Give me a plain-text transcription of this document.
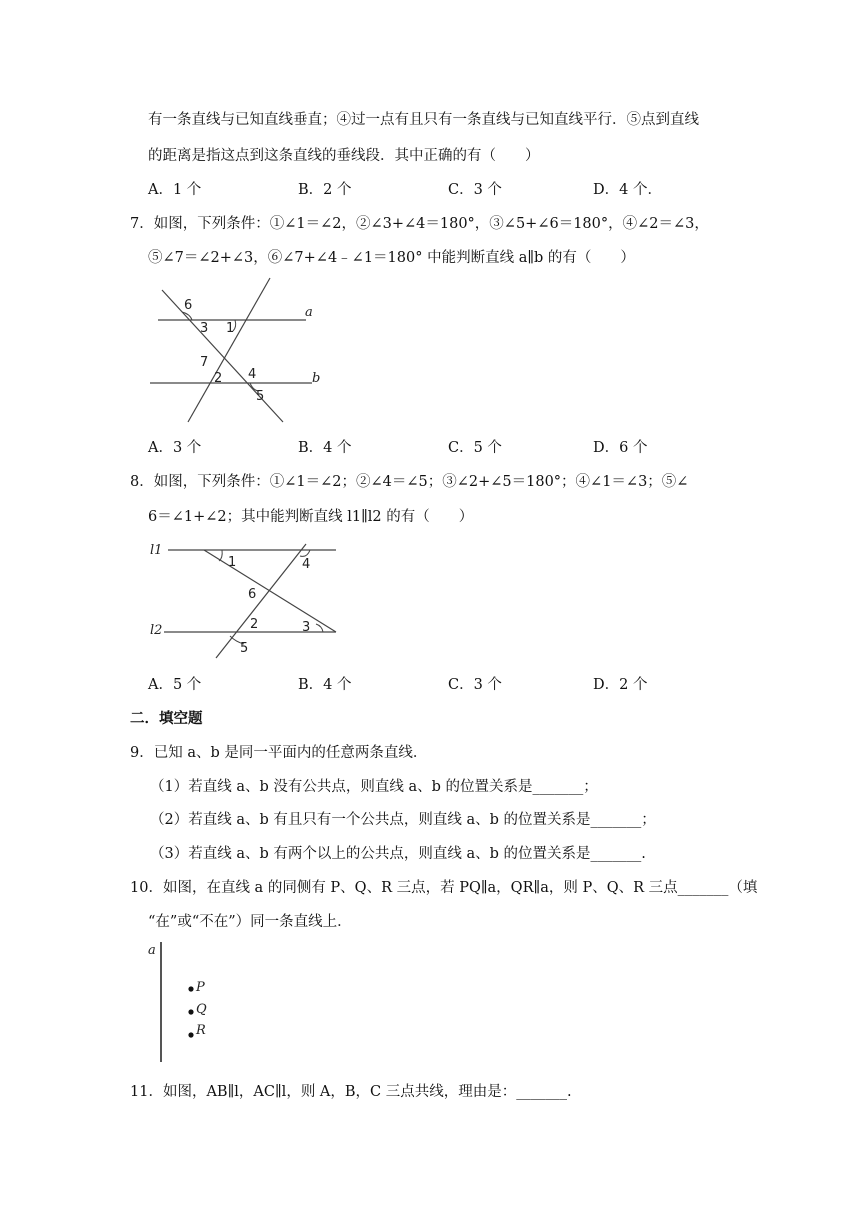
有一条直线与已知直线垂直；④过一点有且只有一条直线与已知直线平行．⑤点到直线
的距离是指这点到这条直线的垂线段．其中正确的有（　　）
A．1 个	B．2 个	C．3 个	D．4 个．
7．如图，下列条件：①∠1＝∠2，②∠3+∠4＝180°，③∠5+∠6＝180°，④∠2＝∠3，
⑤∠7＝∠2+∠3，⑥∠7+∠4﹣∠1＝180° 中能判断直线 a∥b 的有（　　）
6
3 1
a
7
2 4	b
5
A．3 个	B．4 个	C．5 个	D．6 个
8．如图，下列条件：①∠1＝∠2；②∠4＝∠5；③∠2+∠5＝180°；④∠1＝∠3；⑤∠
6＝∠1+∠2；其中能判断直线 l1∥l2 的有（　　）
l1
1	4
6
l2	2	3
5
A．5 个	B．4 个	C．3 个	D．2 个
二．填空题
9．已知 a、b 是同一平面内的任意两条直线．
（1）若直线 a、b 没有公共点，则直线 a、b 的位置关系是_______；
（2）若直线 a、b 有且只有一个公共点，则直线 a、b 的位置关系是_______；
（3）若直线 a、b 有两个以上的公共点，则直线 a、b 的位置关系是_______.
10．如图，在直线 a 的同侧有 P、Q、R 三点，若 PQ∥a，QR∥a，则 P、Q、R 三点_______（填
“在”或“不在”）同一条直线上．
a
P
Q
R
11．如图，AB∥l，AC∥l，则 A，B，C 三点共线，理由是：_______.
